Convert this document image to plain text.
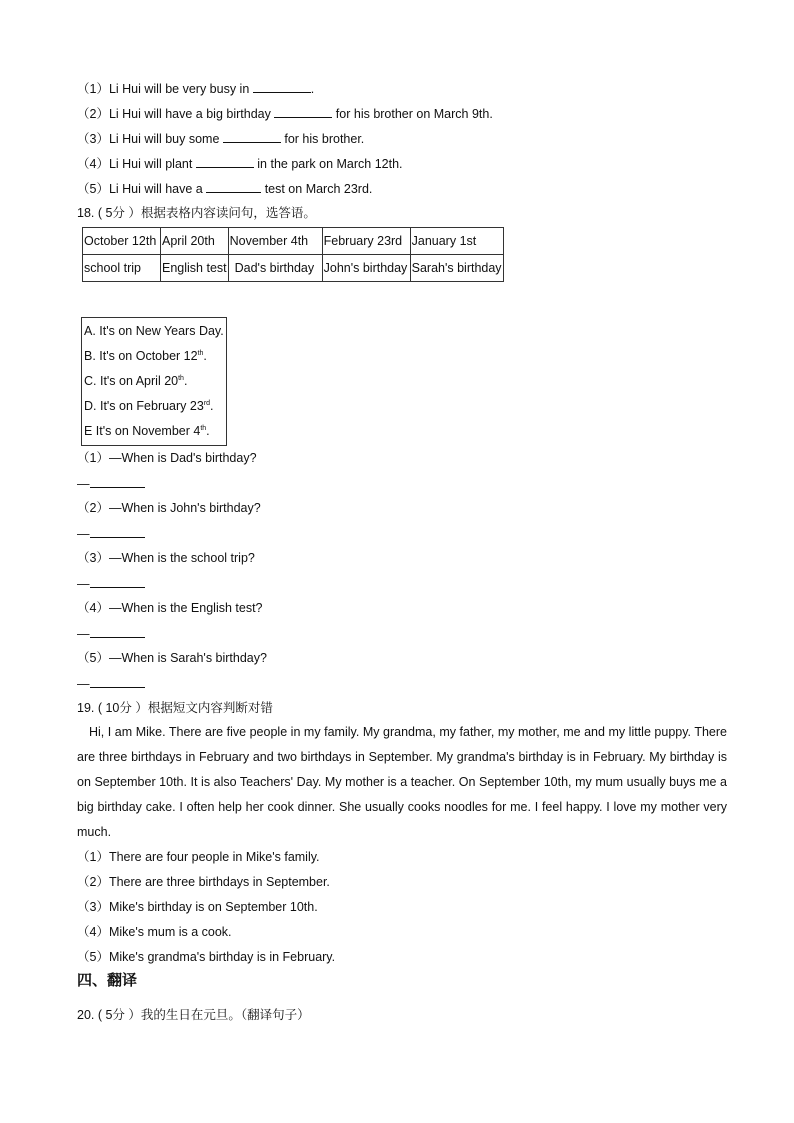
（1）Li Hui will be very busy in	.
（2）Li Hui will have a big birthday	for his brother on March 9th.
（3）Li Hui will buy some	for his brother.
（4）Li Hui will plant	in the park on March 12th.
（5）Li Hui will have a	test on March 23rd.
18. ( 5分 ）根据表格内容读问句，选答语。
October 12th	April 20th	November 4th	February 23rd	January 1st
school trip	English test	Dad's birthday	John's birthday	Sarah's birthday
A. It's on New Years Day.
B. It's on October 12th.
C. It's on April 20th.
D. It's on February 23rd.
E It's on November 4th.
（1）—When is Dad's birthday?
—
（2）—When is John's birthday?
—
（3）—When is the school trip?
—
（4）—When is the English test?
—
（5）—When is Sarah's birthday?
—
19. ( 10分 ）根据短文内容判断对错
Hi, I am Mike. There are five people in my family. My grandma, my father, my mother, me and my little puppy. There are three birthdays in February and two birthdays in September. My grandma's birthday is in February. My birthday is on September 10th. It is also Teachers' Day. My mother is a teacher. On September 10th, my mum usually buys me a big birthday cake. I often help her cook dinner. She usually cooks noodles for me. I feel happy. I love my mother very much.
（1）There are four people in Mike's family.
（2）There are three birthdays in September.
（3）Mike's birthday is on September 10th.
（4）Mike's mum is a cook.
（5）Mike's grandma's birthday is in February.
四、翻译
20. ( 5分 ）我的生日在元旦。（翻译句子）
